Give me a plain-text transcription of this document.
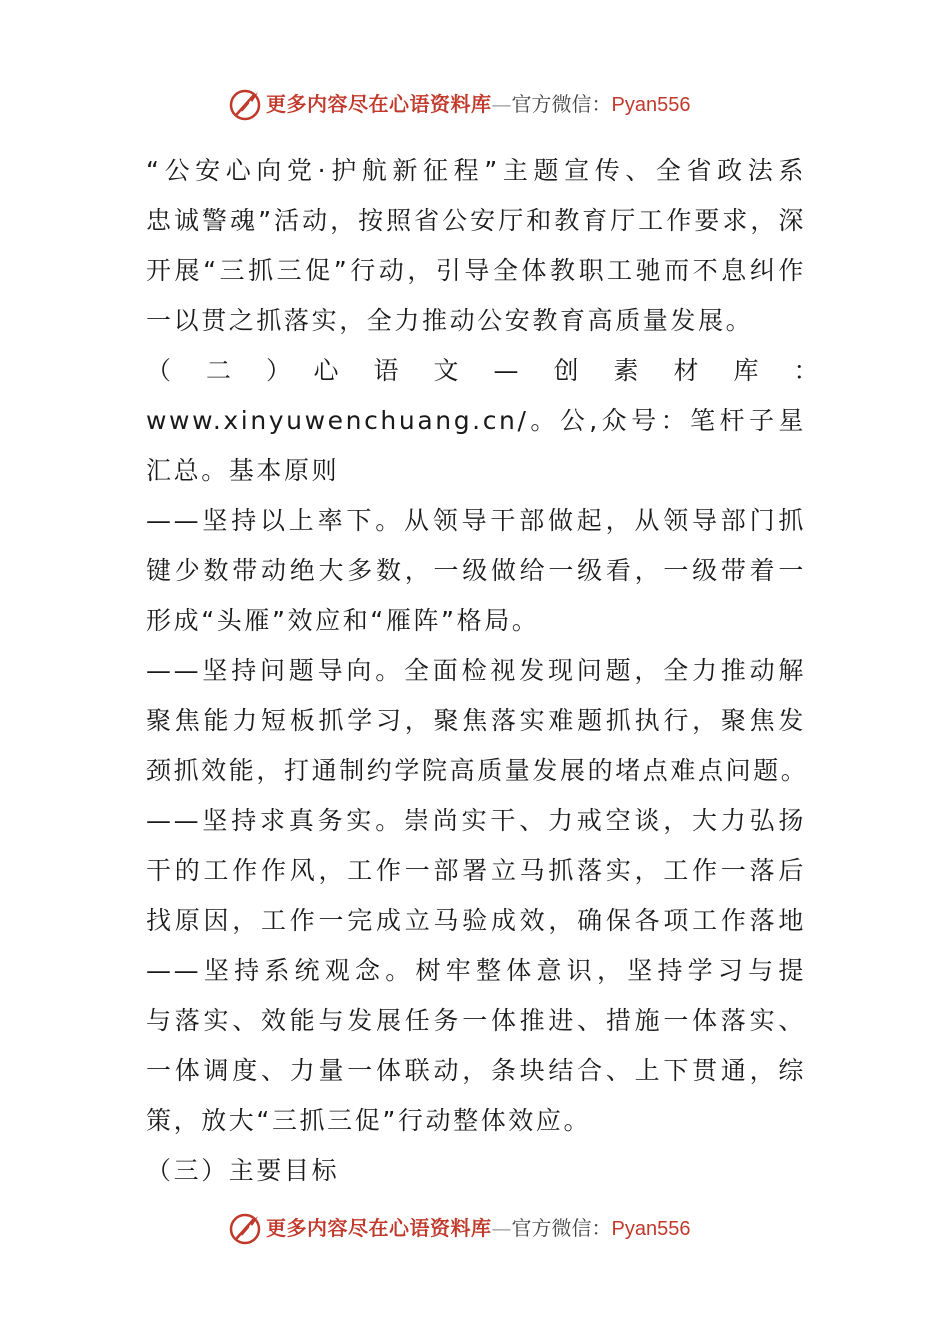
更多内容尽在心语资料库—官方微信：Pyan556
“公安心向党·护航新征程”主题宣传、全省政法系
忠诚警魂”活动，按照省公安厅和教育厅工作要求，深
开展“三抓三促”行动，引导全体教职工驰而不息纠作
一以贯之抓落实，全力推动公安教育高质量发展。
（　二　）　心　语　文　—　创　素　材　库　：　
www.xinyuwenchuang.cn/。公,众号：笔杆子星
汇总。基本原则
——坚持以上率下。从领导干部做起，从领导部门抓
键少数带动绝大多数，一级做给一级看，一级带着一
形成“头雁”效应和“雁阵”格局。
——坚持问题导向。全面检视发现问题，全力推动解
聚焦能力短板抓学习，聚焦落实难题抓执行，聚焦发
颈抓效能，打通制约学院高质量发展的堵点难点问题。
——坚持求真务实。崇尚实干、力戒空谈，大力弘扬
干的工作作风，工作一部署立马抓落实，工作一落后
找原因，工作一完成立马验成效，确保各项工作落地
——坚持系统观念。树牢整体意识，坚持学习与提
与落实、效能与发展任务一体推进、措施一体落实、
一体调度、力量一体联动，条块结合、上下贯通，综
策，放大“三抓三促”行动整体效应。
（三）主要目标
更多内容尽在心语资料库—官方微信：Pyan556
